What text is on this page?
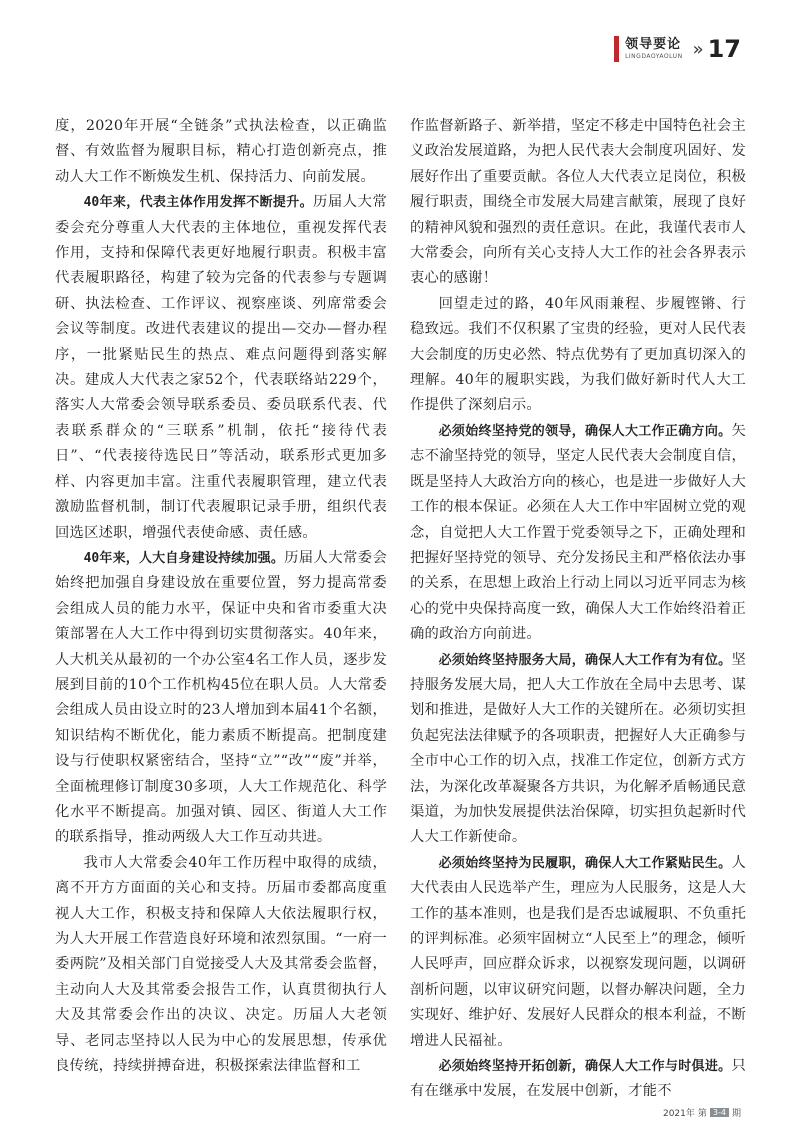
领导要论
LINGDAOYAOLUN » 17

度，2020年开展“全链条”式执法检查，以正确监督、有效监督为履职目标，精心打造创新亮点，推动人大工作不断焕发生机、保持活力、向前发展。

40年来，代表主体作用发挥不断提升。历届人大常委会充分尊重人大代表的主体地位，重视发挥代表作用，支持和保障代表更好地履行职责。积极丰富代表履职路径，构建了较为完备的代表参与专题调研、执法检查、工作评议、视察座谈、列席常委会会议等制度。改进代表建议的提出—交办—督办程序，一批紧贴民生的热点、难点问题得到落实解决。建成人大代表之家52个，代表联络站229个，落实人大常委会领导联系委员、委员联系代表、代表联系群众的“三联系”机制，依托“接待代表日”、“代表接待选民日”等活动，联系形式更加多样、内容更加丰富。注重代表履职管理，建立代表激励监督机制，制订代表履职记录手册，组织代表回选区述职，增强代表使命感、责任感。

40年来，人大自身建设持续加强。历届人大常委会始终把加强自身建设放在重要位置，努力提高常委会组成人员的能力水平，保证中央和省市委重大决策部署在人大工作中得到切实贯彻落实。40年来，人大机关从最初的一个办公室4名工作人员，逐步发展到目前的10个工作机构45位在职人员。人大常委会组成人员由设立时的23人增加到本届41个名额，知识结构不断优化，能力素质不断提高。把制度建设与行使职权紧密结合，坚持“立”“改”“废”并举，全面梳理修订制度30多项，人大工作规范化、科学化水平不断提高。加强对镇、园区、街道人大工作的联系指导，推动两级人大工作互动共进。

我市人大常委会40年工作历程中取得的成绩，离不开方方面面的关心和支持。历届市委都高度重视人大工作，积极支持和保障人大依法履职行权，为人大开展工作营造良好环境和浓烈氛围。“一府一委两院”及相关部门自觉接受人大及其常委会监督，主动向人大及其常委会报告工作，认真贯彻执行人大及其常委会作出的决议、决定。历届人大老领导、老同志坚持以人民为中心的发展思想，传承优良传统，持续拼搏奋进，积极探索法律监督和工

作监督新路子、新举措，坚定不移走中国特色社会主义政治发展道路，为把人民代表大会制度巩固好、发展好作出了重要贡献。各位人大代表立足岗位，积极履行职责，围绕全市发展大局建言献策，展现了良好的精神风貌和强烈的责任意识。在此，我谨代表市人大常委会，向所有关心支持人大工作的社会各界表示衷心的感谢！

回望走过的路，40年风雨兼程、步履铿锵、行稳致远。我们不仅积累了宝贵的经验，更对人民代表大会制度的历史必然、特点优势有了更加真切深入的理解。40年的履职实践，为我们做好新时代人大工作提供了深刻启示。

必须始终坚持党的领导，确保人大工作正确方向。矢志不渝坚持党的领导，坚定人民代表大会制度自信，既是坚持人大政治方向的核心，也是进一步做好人大工作的根本保证。必须在人大工作中牢固树立党的观念，自觉把人大工作置于党委领导之下，正确处理和把握好坚持党的领导、充分发扬民主和严格依法办事的关系，在思想上政治上行动上同以习近平同志为核心的党中央保持高度一致，确保人大工作始终沿着正确的政治方向前进。

必须始终坚持服务大局，确保人大工作有为有位。坚持服务发展大局，把人大工作放在全局中去思考、谋划和推进，是做好人大工作的关键所在。必须切实担负起宪法法律赋予的各项职责，把握好人大正确参与全市中心工作的切入点，找准工作定位，创新方式方法，为深化改革凝聚各方共识，为化解矛盾畅通民意渠道，为加快发展提供法治保障，切实担负起新时代人大工作新使命。

必须始终坚持为民履职，确保人大工作紧贴民生。人大代表由人民选举产生，理应为人民服务，这是人大工作的基本准则，也是我们是否忠诚履职、不负重托的评判标准。必须牢固树立“人民至上”的理念，倾听人民呼声，回应群众诉求，以视察发现问题，以调研剖析问题，以审议研究问题，以督办解决问题，全力实现好、维护好、发展好人民群众的根本利益，不断增进人民福祉。

必须始终坚持开拓创新，确保人大工作与时俱进。只有在继承中发展，在发展中创新，才能不

2021年 第 3-4 期
